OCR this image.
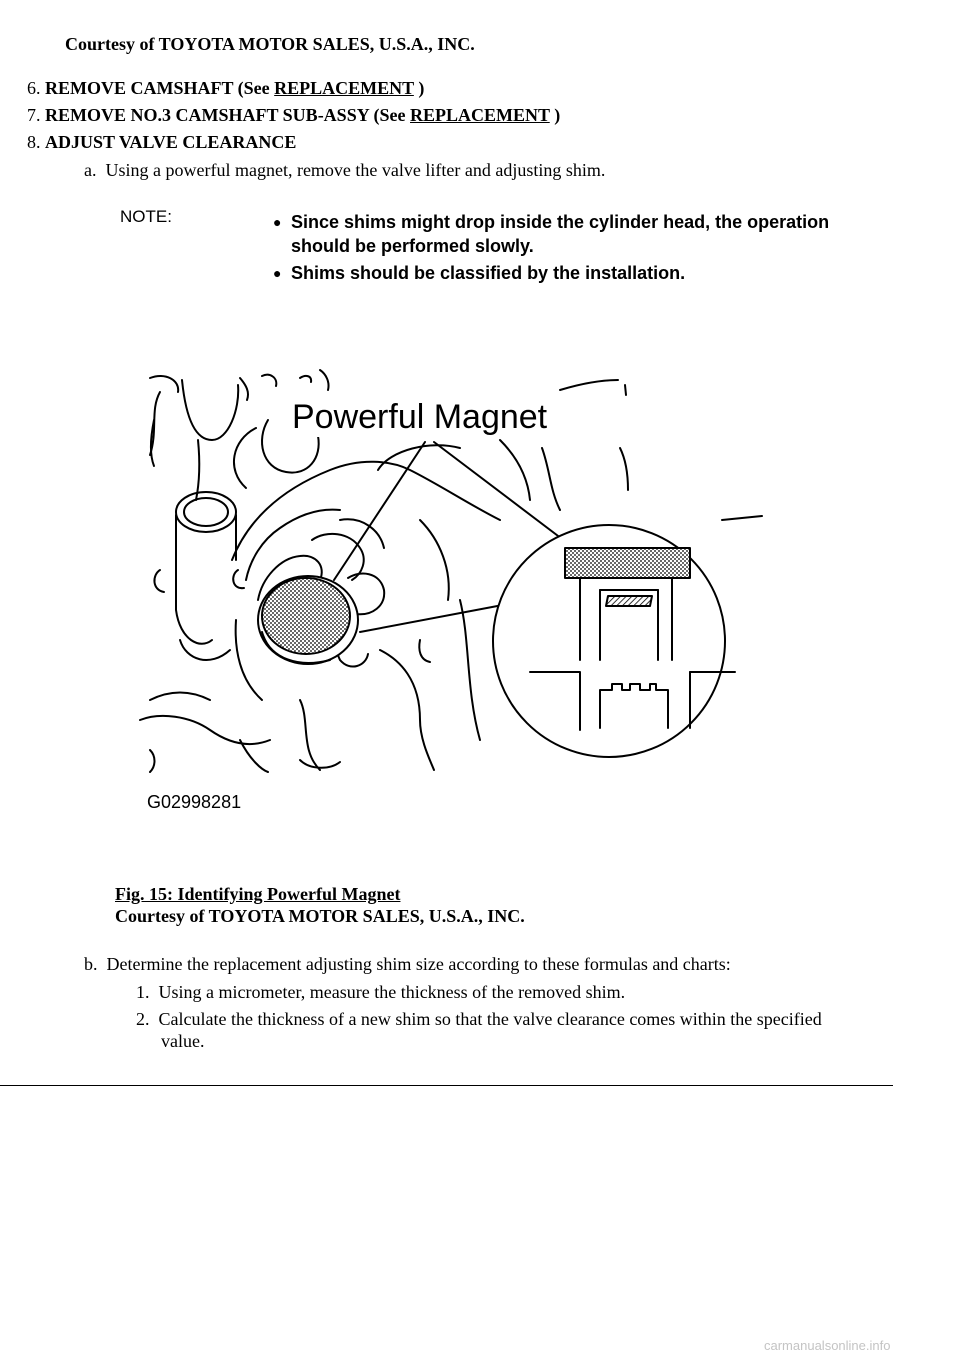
Courtesy of TOYOTA MOTOR SALES, U.S.A., INC.
6. REMOVE CAMSHAFT (See REPLACEMENT )
7. REMOVE NO.3 CAMSHAFT SUB-ASSY (See REPLACEMENT )
8. ADJUST VALVE CLEARANCE
a. Using a powerful magnet, remove the valve lifter and adjusting shim.
NOTE:	● Since shims might drop inside the cylinder head, the operation
should be performed slowly.
● Shims should be classified by the installation.
Powerful Magnet
G02998281
Fig. 15: Identifying Powerful Magnet
Courtesy of TOYOTA MOTOR SALES, U.S.A., INC.
b. Determine the replacement adjusting shim size according to these formulas and charts:
1. Using a micrometer, measure the thickness of the removed shim.
2. Calculate the thickness of a new shim so that the valve clearance comes within the specified
value.
carmanualsonline.info
